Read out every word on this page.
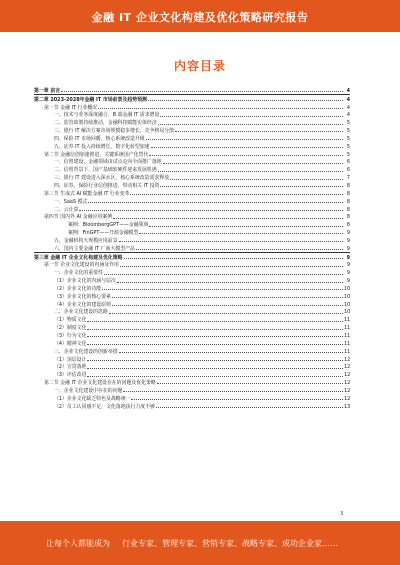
金融 IT 企业文化构建及优化策略研究报告
内容目录
第一章 前言	4
第二章 2023-2028年金融 IT 市场前景及趋势预测	4
第一节 金融 IT 行业概况	4
一、技术与业务深度融合，B 端金融 IT 需求增量	4
二、监管政策持续推动，金融科技赋能实体经济	5
三、银行 IT 解决方案市场规模稳步增长，竞争格局分散	5
四、保险 IT 市场回暖，核心系统改造升级	5
五、证券 IT 投入持续增长，数字化转型加速	5
第二节 金融信创加速推进，关键系统国产化替代	5
一、信创建设，金融领域由试点走向全面推广落地	6
二、信创背景下，国产基础软硬件迎来发展机遇	6
三、银行 IT 建设进入深水区，核心系统改造需求释放	7
四、证券、保险行业信创推进，带动相关 IT 投资	8
第三节 生成式 AI 赋能金融 IT 行业变革	8
一、SaaS 模式	8
二、云计算	8
第四节 国内外 AI 金融应用案例	8
案例：BloombergGPT——金融领域	8
案例：FinGPT——开源金融模型	9
五、金融机构大规模应用前景	9
六、国内主要金融 IT 厂商大模型产品	9
第三章 金融 IT 企业文化构建及优化策略	9
第一节 企业文化建设的内涵及作用	9
一、企业文化的重要性	9
（1）企业文化的内涵与层次	9
（2）企业文化的功能	10
（3）企业文化的核心要素	10
（4）企业文化的建设原则	10
二、企业文化建设的思路	10
（1）物质文化	11
（2）制度文化	11
（3）行为文化	11
（4）精神文化	11
三、企业文化建设的创新举措	11
（1）顶层设计	12
（2）宣贯落地	12
（3）评估改进	12
第二节 金融 IT 企业文化建设存在的问题及优化策略	12
一、企业文化建设中存在的问题	12
（1）企业文化缺乏特色及战略统一	12
（2）员工认同感不足，文化落地执行力度不够	13
3
让每个人都能成为 行业专家、管理专家、营销专家、战略专家、成功企业家……
